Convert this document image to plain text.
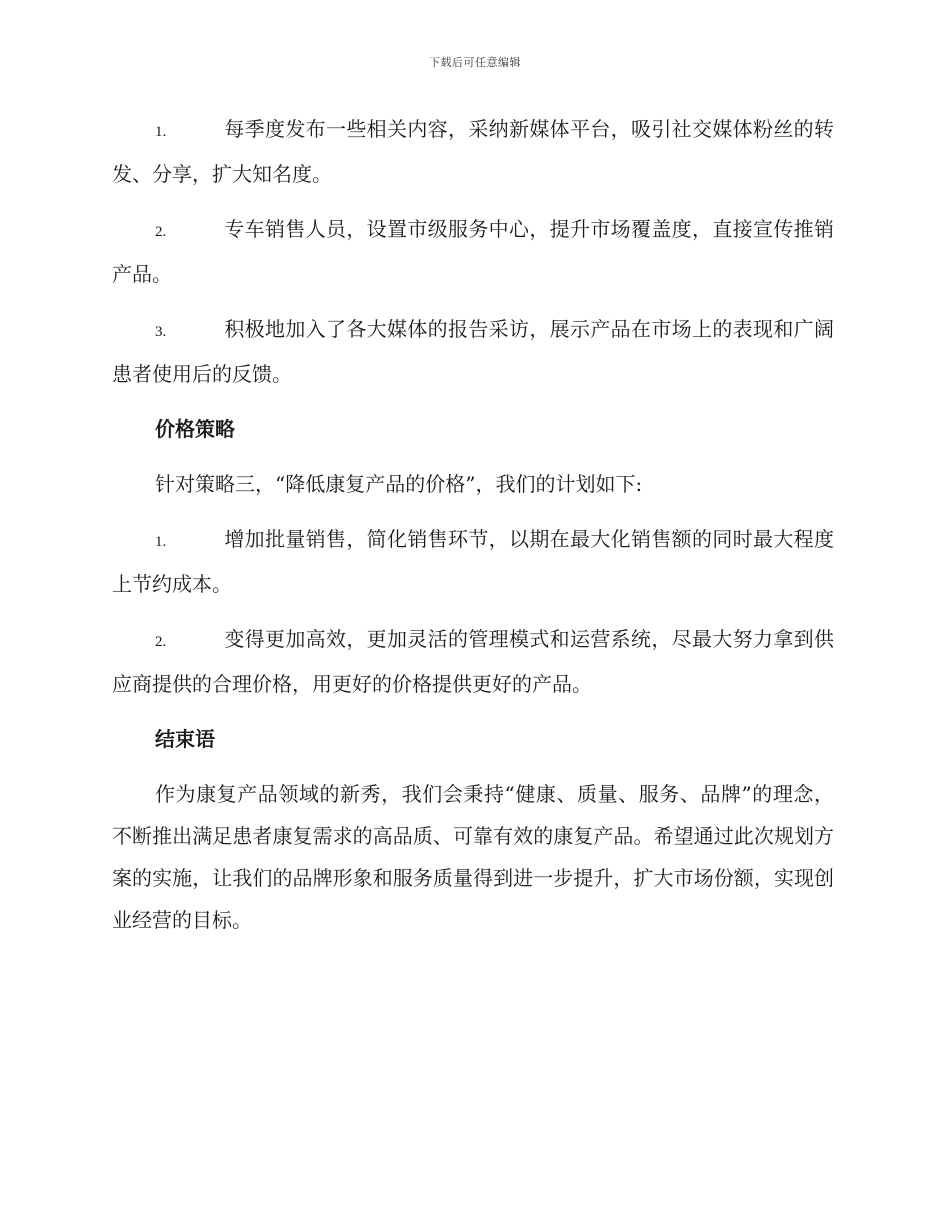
下载后可任意编辑

1.	每季度发布一些相关内容，采纳新媒体平台，吸引社交媒体粉丝的转发、分享，扩大知名度。

2.	专车销售人员，设置市级服务中心，提升市场覆盖度，直接宣传推销产品。

3.	积极地加入了各大媒体的报告采访，展示产品在市场上的表现和广阔患者使用后的反馈。

价格策略

针对策略三，“降低康复产品的价格”，我们的计划如下:

1.	增加批量销售，简化销售环节，以期在最大化销售额的同时最大程度上节约成本。

2.	变得更加高效，更加灵活的管理模式和运营系统，尽最大努力拿到供应商提供的合理价格，用更好的价格提供更好的产品。

结束语

作为康复产品领域的新秀，我们会秉持“健康、质量、服务、品牌”的理念，不断推出满足患者康复需求的高品质、可靠有效的康复产品。希望通过此次规划方案的实施，让我们的品牌形象和服务质量得到进一步提升，扩大市场份额，实现创业经营的目标。
